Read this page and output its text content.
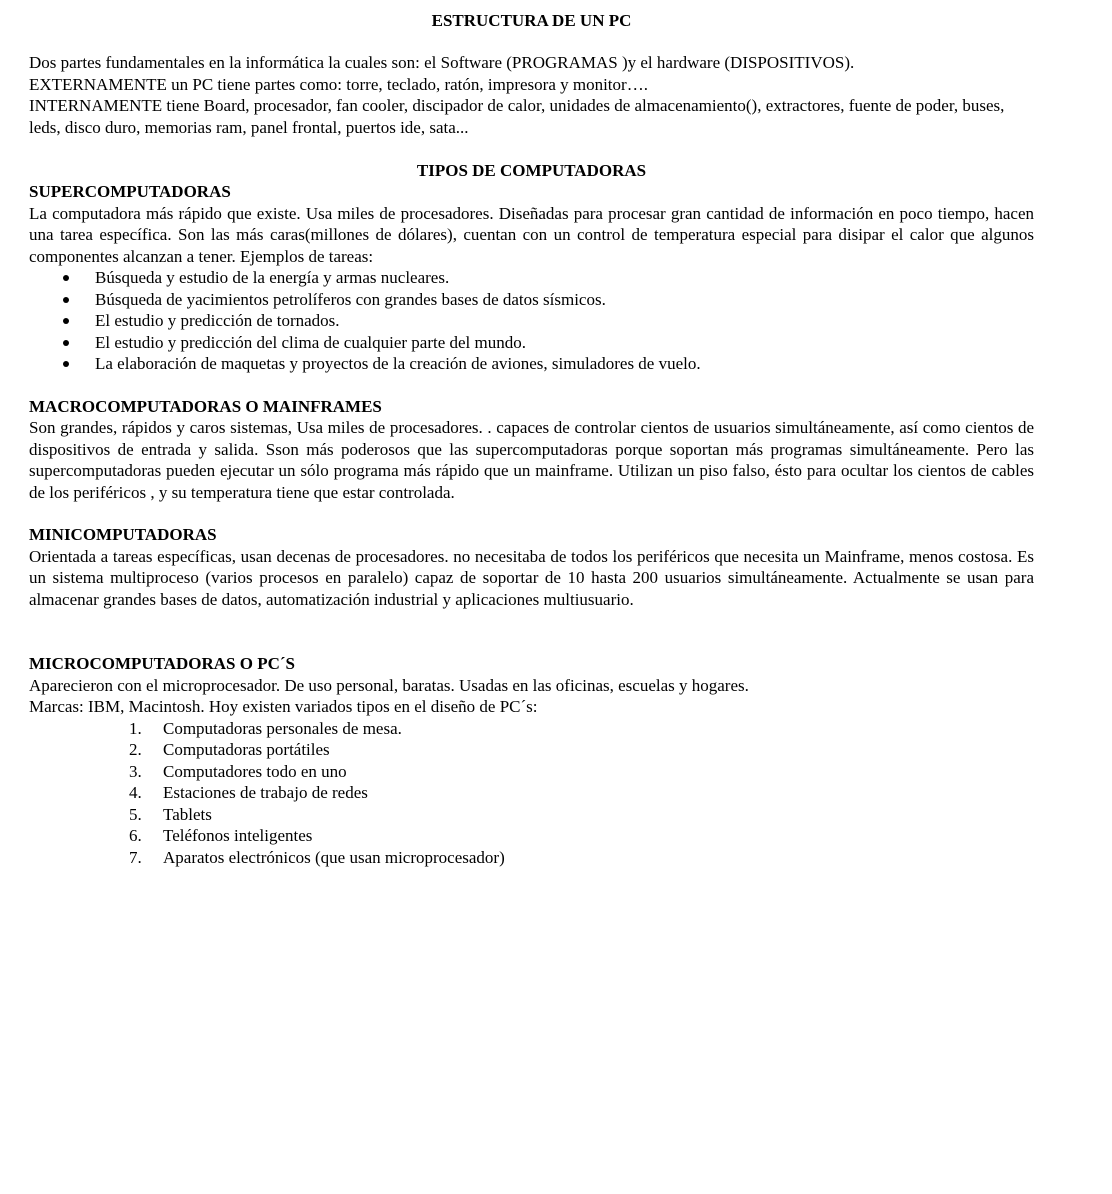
ESTRUCTURA DE UN PC

Dos partes fundamentales en la informática la cuales son: el Software (PROGRAMAS )y el hardware (DISPOSITIVOS).

EXTERNAMENTE un PC tiene partes como: torre, teclado, ratón, impresora y monitor….

INTERNAMENTE tiene Board, procesador, fan cooler, discipador de calor, unidades de almacenamiento(), extractores, fuente de poder, buses, leds, disco duro, memorias ram, panel frontal, puertos ide, sata...

TIPOS DE COMPUTADORAS

SUPERCOMPUTADORAS

La computadora más rápido que existe. Usa miles de procesadores. Diseñadas para procesar gran cantidad de información en poco tiempo, hacen una tarea específica. Son las más caras(millones de dólares), cuentan con un control de temperatura especial para disipar el calor que algunos componentes alcanzan a tener. Ejemplos de tareas:

Búsqueda y estudio de la energía y armas nucleares.
Búsqueda de yacimientos petrolíferos con grandes bases de datos sísmicos.
El estudio y predicción de tornados.
El estudio y predicción del clima de cualquier parte del mundo.
La elaboración de maquetas y proyectos de la creación de aviones, simuladores de vuelo.

MACROCOMPUTADORAS O MAINFRAMES

Son grandes, rápidos y caros sistemas, Usa miles de procesadores. . capaces de controlar cientos de usuarios simultáneamente, así como cientos de dispositivos de entrada y salida. Sson más poderosos que las supercomputadoras porque soportan más programas simultáneamente. Pero las supercomputadoras pueden ejecutar un sólo programa más rápido que un mainframe. Utilizan un piso falso, ésto para ocultar los cientos de cables de los periféricos , y su temperatura tiene que estar controlada.

MINICOMPUTADORAS

Orientada a tareas específicas, usan decenas de procesadores. no necesitaba de todos los periféricos que necesita un Mainframe, menos costosa. Es un sistema multiproceso (varios procesos en paralelo) capaz de soportar de 10 hasta 200 usuarios simultáneamente. Actualmente se usan para almacenar grandes bases de datos, automatización industrial y aplicaciones multiusuario.

MICROCOMPUTADORAS O PC´S

Aparecieron con el microprocesador. De uso personal, baratas. Usadas en las oficinas, escuelas y hogares.

Marcas: IBM, Macintosh. Hoy existen variados tipos en el diseño de PC´s:

1. Computadoras personales de mesa.
2. Computadoras portátiles
3. Computadores todo en uno
4. Estaciones de trabajo de redes
5. Tablets
6. Teléfonos inteligentes
7. Aparatos electrónicos (que usan microprocesador)
